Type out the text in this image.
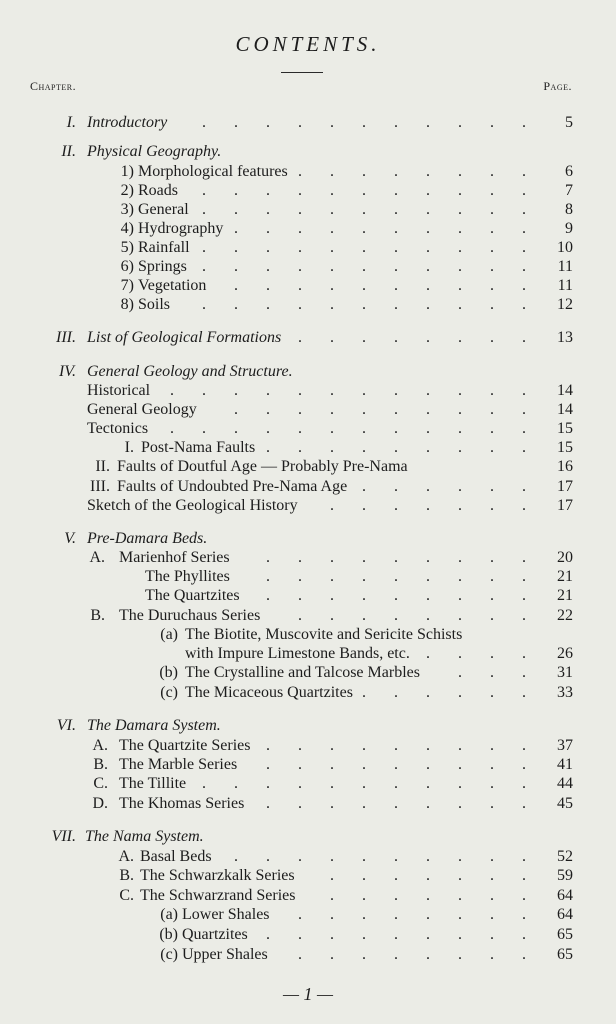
CONTENTS.
Chapter.	Page.
I. Introductory	5
. . . . . . . . . . .
II. Physical Geography.
1) Morphological features	6
. . . . . . . .
2) Roads	7
. . . . . . . . . . .
3) General	8
. . . . . . . . . . .
4) Hydrography	9
. . . . . . . . . .
5) Rainfall	10
. . . . . . . . . . .
6) Springs	11
. . . . . . . . . . .
7) Vegetation	11
. . . . . . . . . .
8) Soils	12
. . . . . . . . . . .
III. List of Geological Formations	13
. . . . . . . .
IV. General Geology and Structure.
Historical	14
. . . . . . . . . . . .
General Geology	14
. . . . . . . . . .
Tectonics	15
. . . . . . . . . . . .
I. Post-Nama Faults	15
. . . . . . . . .
II. Faults of Doutful Age — Probably Pre-Nama	16
III. Faults of Undoubted Pre-Nama Age	17
. . . . . .
Sketch of the Geological History	17
. . . . . . .
V. Pre-Damara Beds.
A. Marienhof Series	20
. . . . . . . . .
The Phyllites	21
. . . . . . . . .
The Quartzites	21
. . . . . . . . .
B. The Duruchaus Series	22
. . . . . . . .
(a) The Biotite, Muscovite and Sericite Schists
with Impure Limestone Bands, etc.	26
. . . .
(b) The Crystalline and Talcose Marbles	31
. . .
(c) The Micaceous Quartzites	33
. . . . . .
VI. The Damara System.
A. The Quartzite Series	37
. . . . . . . . .
B. The Marble Series	41
. . . . . . . . .
C. The Tillite	44
. . . . . . . . . . .
D. The Khomas Series	45
. . . . . . . . .
VII. The Nama System.
A. Basal Beds	52
. . . . . . . . . .
B. The Schwarzkalk Series	59
. . . . . . .
C. The Schwarzrand Series	64
. . . . . . .
(a) Lower Shales	64
. . . . . . . .
(b) Quartzites	65
. . . . . . . . .
(c) Upper Shales	65
. . . . . . . .
— 1 —
